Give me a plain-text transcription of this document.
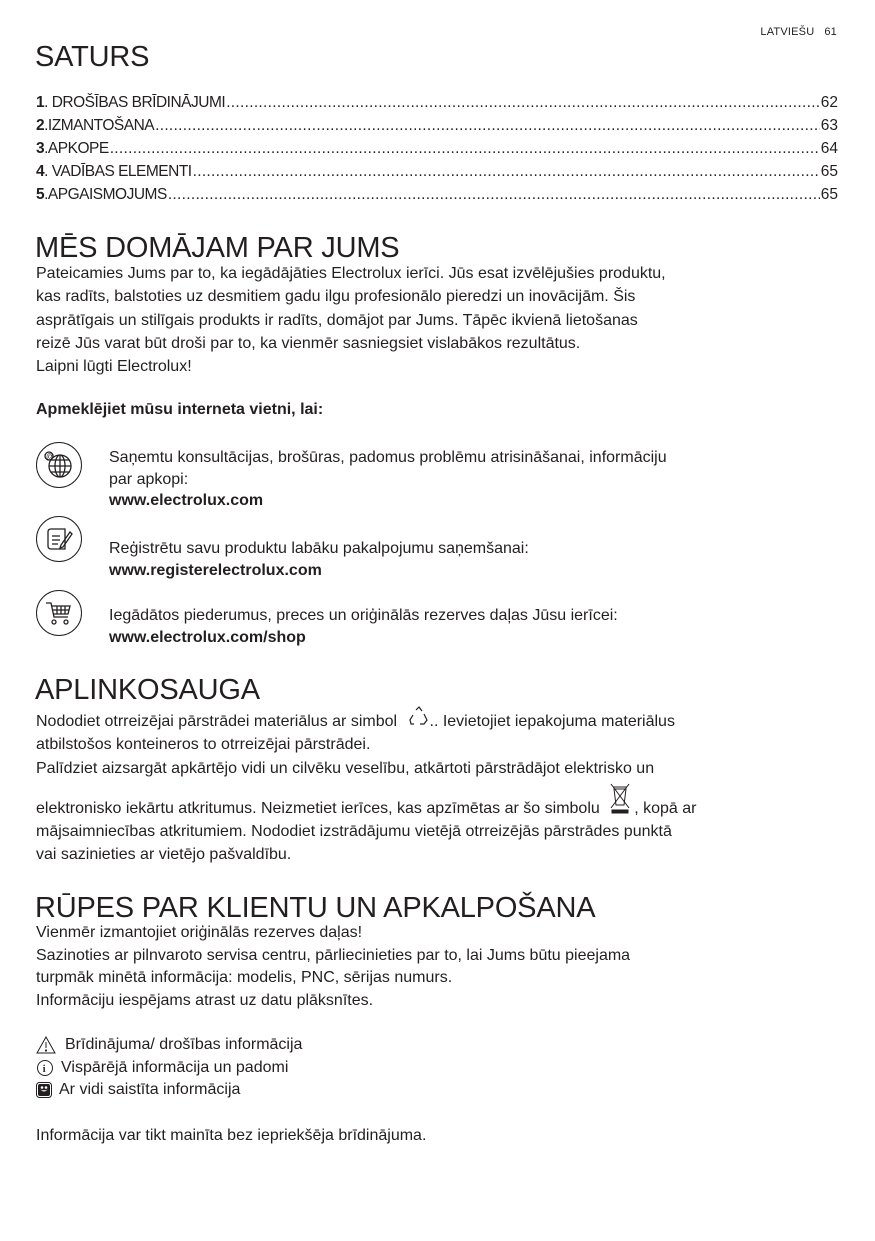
LATVIEŠU 61
SATURS
1. DROŠĪBAS BRĪDINĀJUMI .....	62
2.IZMANTOŠANA .....	63
3.APKOPE .....	64
4. VADĪBAS ELEMENTI .....	65
5.APGAISMOJUMS .....	65
MĒS DOMĀJAM PAR JUMS

Pateicamies Jums par to, ka iegādājāties Electrolux ierīci. Jūs esat izvēlējušies produktu,

kas radīts, balstoties uz desmitiem gadu ilgu profesionālo pieredzi un inovācijām. Šis

asprātīgais un stilīgais produkts ir radīts, domājot par Jums. Tāpēc ikvienā lietošanas

reizē Jūs varat būt droši par to, ka vienmēr sasniegsiet vislabākos rezultātus.

Laipni lūgti Electrolux!

Apmeklējiet mūsu interneta vietni, lai:

@	Saņemtu konsultācijas, brošūras, padomus problēmu atrisināšanai, informāciju

par apkopi:

www.electrolux.com

Reģistrētu savu produktu labāku pakalpojumu saņemšanai:

www.registerelectrolux.com

Iegādātos piederumus, preces un oriģinālās rezerves daļas Jūsu ierīcei:

www.electrolux.com/shop

APLINKOSAUGA

Nododiet otrreizējai pārstrādei materiālus ar simbol .. Ievietojiet iepakojuma materiālus

atbilstošos konteineros to otrreizējai pārstrādei.

Palīdziet aizsargāt apkārtējo vidi un cilvēku veselību, atkārtoti pārstrādājot elektrisko un

elektronisko iekārtu atkritumus. Neizmetiet ierīces, kas apzīmētas ar šo simbolu , kopā ar

mājsaimniecības atkritumiem. Nododiet izstrādājumu vietējā otrreizējās pārstrādes punktā

vai sazinieties ar vietējo pašvaldību.

RŪPES PAR KLIENTU UN APKALPOŠANA

Vienmēr izmantojiet oriģinālās rezerves daļas!

Sazinoties ar pilnvaroto servisa centru, pārliecinieties par to, lai Jums būtu pieejama

turpmāk minētā informācija: modelis, PNC, sērijas numurs.

Informāciju iespējams atrast uz datu plāksnītes.

Brīdinājuma/ drošības informācija
i Vispārējā informācija un padomi
Ar vidi saistīta informācija

Informācija var tikt mainīta bez iepriekšēja brīdinājuma.
